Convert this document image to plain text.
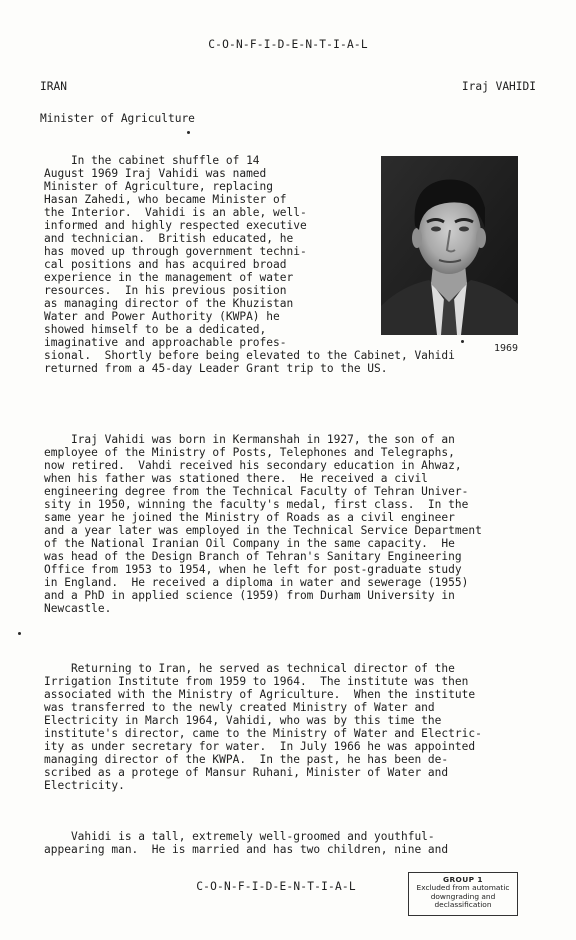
C-O-N-F-I-D-E-N-T-I-A-L
IRAN	Iraj VAHIDI
Minister of Agriculture
1969
In the cabinet shuffle of 14
August 1969 Iraj Vahidi was named
Minister of Agriculture, replacing
Hasan Zahedi, who became Minister of
the Interior.  Vahidi is an able, well-
informed and highly respected executive
and technician.  British educated, he
has moved up through government techni-
cal positions and has acquired broad
experience in the management of water
resources.  In his previous position
as managing director of the Khuzistan
Water and Power Authority (KWPA) he
showed himself to be a dedicated,
imaginative and approachable profes-
sional.  Shortly before being elevated to the Cabinet, Vahidi
returned from a 45-day Leader Grant trip to the US.
Iraj Vahidi was born in Kermanshah in 1927, the son of an
employee of the Ministry of Posts, Telephones and Telegraphs,
now retired.  Vahdi received his secondary education in Ahwaz,
when his father was stationed there.  He received a civil
engineering degree from the Technical Faculty of Tehran Univer-
sity in 1950, winning the faculty's medal, first class.  In the
same year he joined the Ministry of Roads as a civil engineer
and a year later was employed in the Technical Service Department
of the National Iranian Oil Company in the same capacity.  He
was head of the Design Branch of Tehran's Sanitary Engineering
Office from 1953 to 1954, when he left for post-graduate study
in England.  He received a diploma in water and sewerage (1955)
and a PhD in applied science (1959) from Durham University in
Newcastle.
Returning to Iran, he served as technical director of the
Irrigation Institute from 1959 to 1964.  The institute was then
associated with the Ministry of Agriculture.  When the institute
was transferred to the newly created Ministry of Water and
Electricity in March 1964, Vahidi, who was by this time the
institute's director, came to the Ministry of Water and Electric-
ity as under secretary for water.  In July 1966 he was appointed
managing director of the KWPA.  In the past, he has been de-
scribed as a protege of Mansur Ruhani, Minister of Water and
Electricity.
Vahidi is a tall, extremely well-groomed and youthful-
appearing man.  He is married and has two children, nine and
C-O-N-F-I-D-E-N-T-I-A-L
GROUP 1
Excluded from automatic
downgrading and
declassification
